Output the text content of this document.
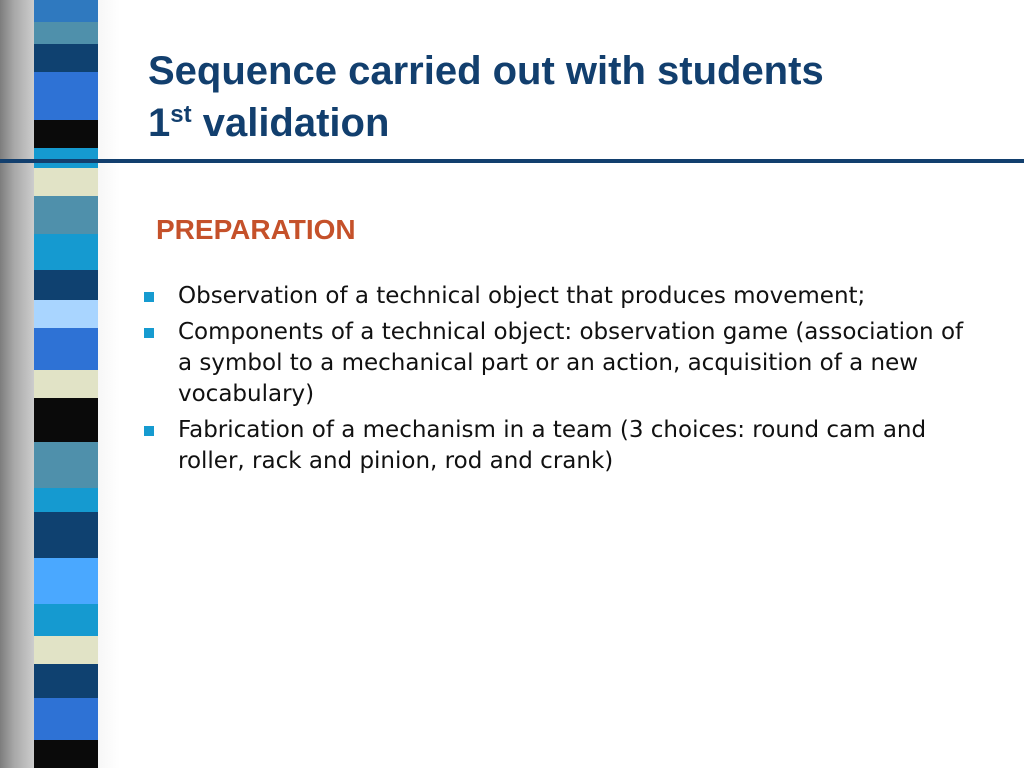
Sequence carried out with students
1st validation
PREPARATION
Observation of a technical object that produces movement;
Components of a technical object: observation game (association of a symbol to a mechanical part or an action, acquisition of a new vocabulary)
Fabrication of a mechanism in a team (3 choices: round cam and roller, rack and pinion, rod and crank)
